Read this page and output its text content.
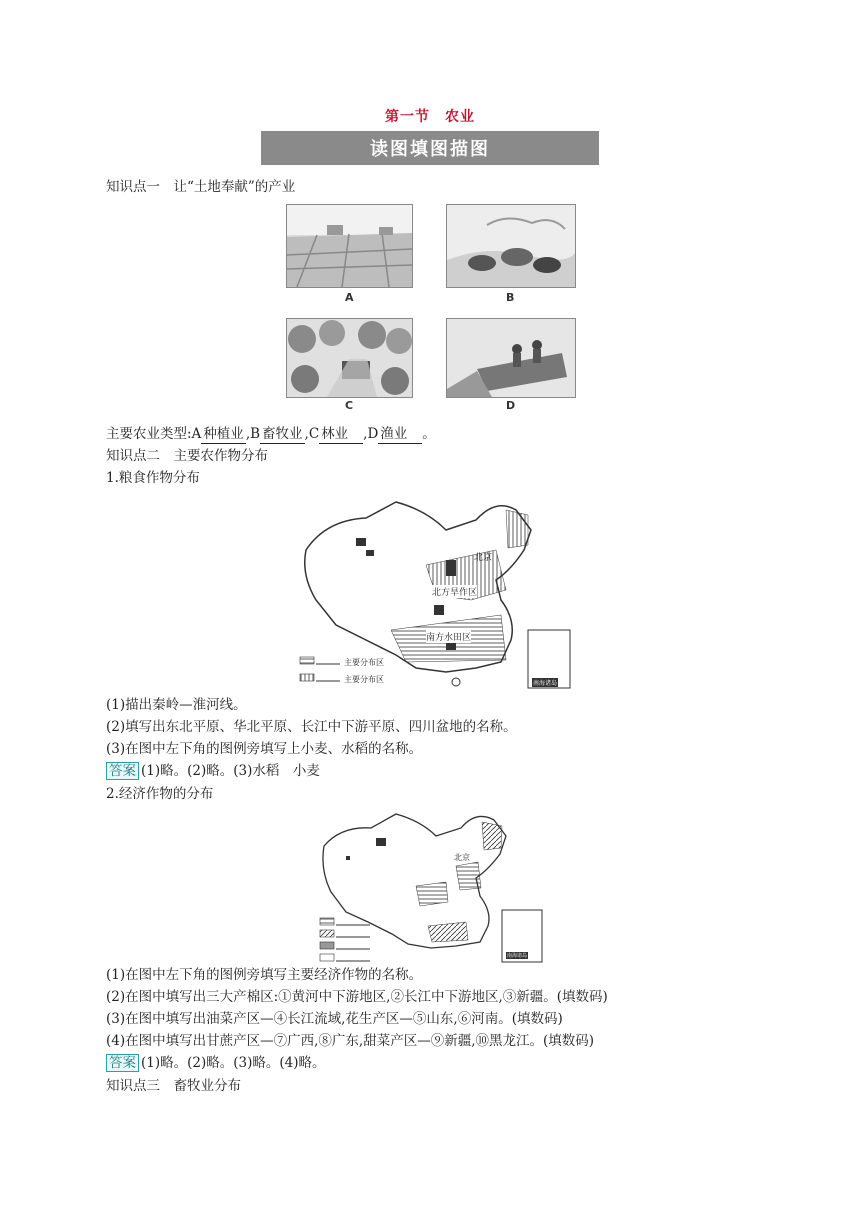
第一节　农业
读图填图描图
知识点一　让“土地奉献”的产业
A	B
C	D
主要农业类型:A 种植业 ,B 畜牧业 ,C 林业 ,D 渔业 。
知识点二　主要农作物分布
1.粮食作物分布
北京
北方旱作区
南方水田区
主要分布区
主要分布区	南海诸岛
(1)描出秦岭—淮河线。
(2)填写出东北平原、华北平原、长江中下游平原、四川盆地的名称。
(3)在图中左下角的图例旁填写上小麦、水稻的名称。
答案 (1)略。(2)略。(3)水稻　小麦
2.经济作物的分布
北京
南海诸岛
(1)在图中左下角的图例旁填写主要经济作物的名称。
(2)在图中填写出三大产棉区:①黄河中下游地区,②长江中下游地区,③新疆。(填数码)
(3)在图中填写出油菜产区—④长江流域,花生产区—⑤山东,⑥河南。(填数码)
(4)在图中填写出甘蔗产区—⑦广西,⑧广东,甜菜产区—⑨新疆,⑩黑龙江。(填数码)
答案 (1)略。(2)略。(3)略。(4)略。
知识点三　畜牧业分布
